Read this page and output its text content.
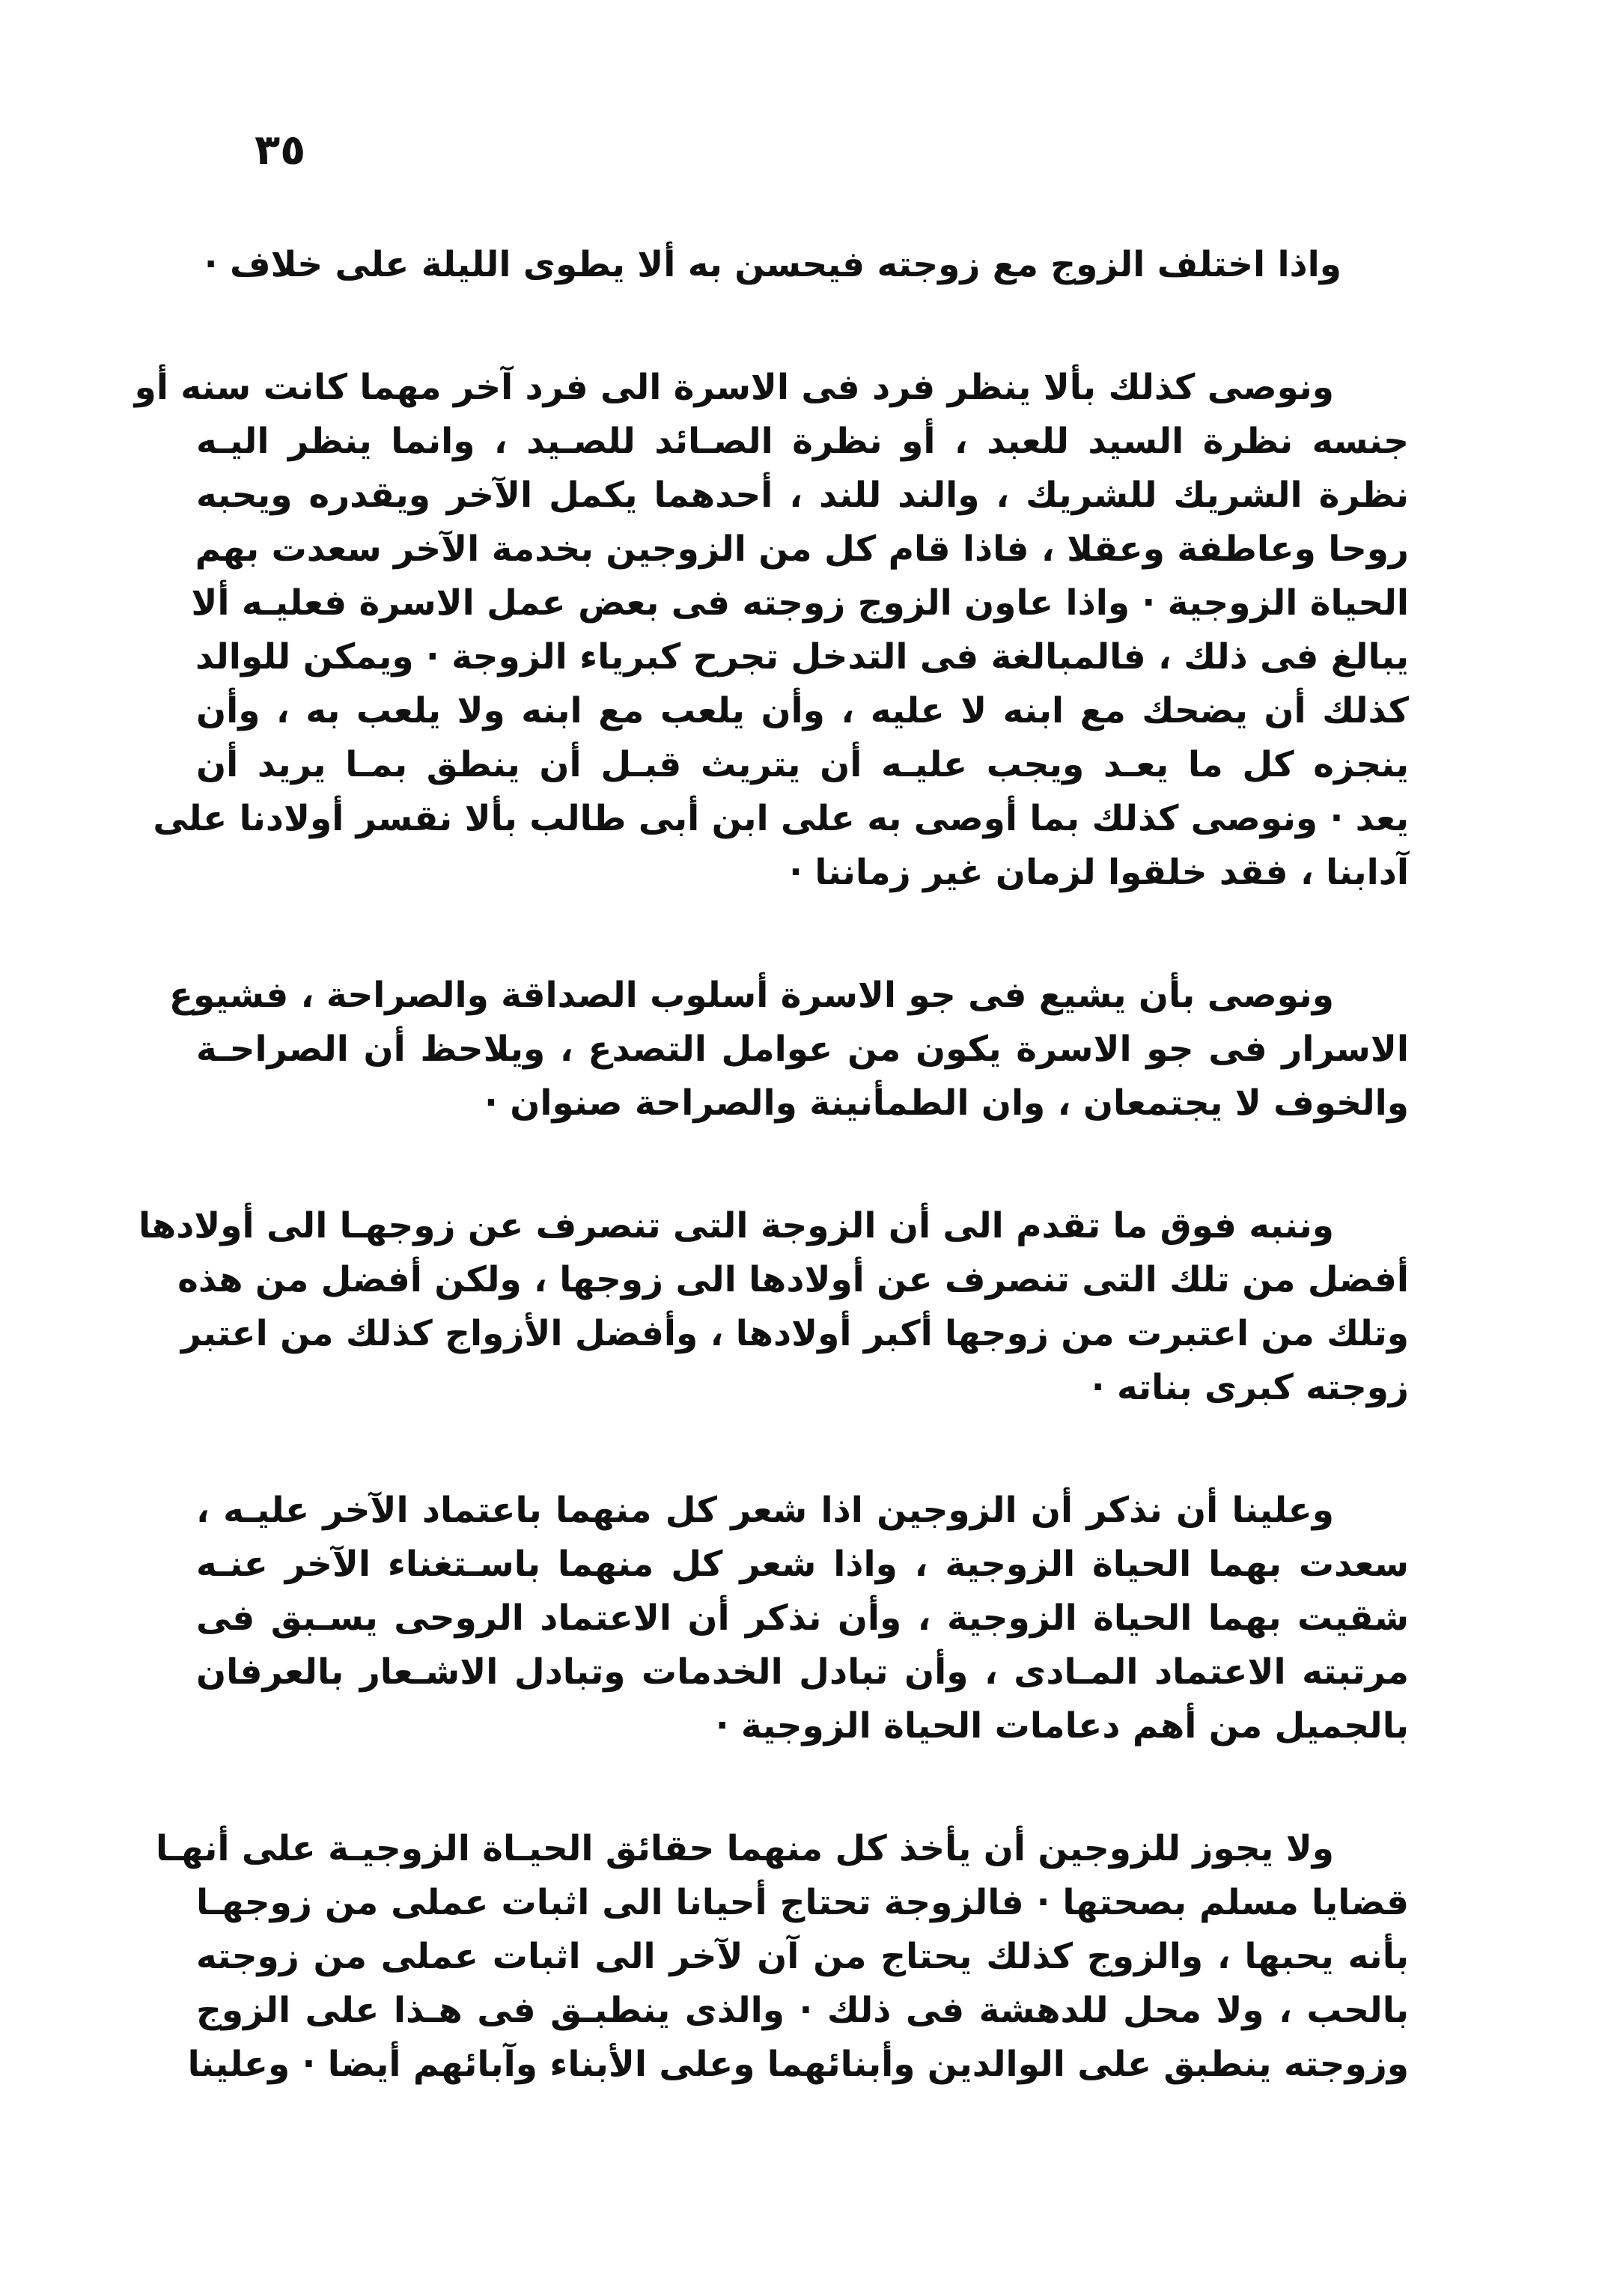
٣٥
واذا اختلف الزوج مع زوجته فيحسن به ألا يطوى الليلة على خلاف ·
ونوصى كذلك بألا ينظر فرد فى الاسرة الى فرد آخر مهما كانت سنه أو
جنسه نظرة السيد للعبد ، أو نظرة الصـائد للصـيد ، وانما ينظر اليـه
نظرة الشريك للشريك ، والند للند ، أحدهما يكمل الآخر ويقدره ويحبه
روحا وعاطفة وعقلا ، فاذا قام كل من الزوجين بخدمة الآخر سعدت بهم
الحياة الزوجية · واذا عاون الزوج زوجته فى بعض عمل الاسرة فعليـه ألا
يبالغ فى ذلك ، فالمبالغة فى التدخل تجرح كبرياء الزوجة · ويمكن للوالد
كذلك أن يضحك مع ابنه لا عليه ، وأن يلعب مع ابنه ولا يلعب به ، وأن
ينجزه كل ما يعـد ويجب عليـه أن يتريث قبـل أن ينطق بمـا يريد أن
يعد · ونوصى كذلك بما أوصى به على ابن أبى طالب بألا نقسر أولادنا على
آدابنا ، فقد خلقوا لزمان غير زماننا ·
ونوصى بأن يشيع فى جو الاسرة أسلوب الصداقة والصراحة ، فشيوع
الاسرار فى جو الاسرة يكون من عوامل التصدع ، ويلاحظ أن الصراحـة
والخوف لا يجتمعان ، وان الطمأنينة والصراحة صنوان ·
وننبه فوق ما تقدم الى أن الزوجة التى تنصرف عن زوجهـا الى أولادها
أفضل من تلك التى تنصرف عن أولادها الى زوجها ، ولكن أفضل من هذه
وتلك من اعتبرت من زوجها أكبر أولادها ، وأفضل الأزواج كذلك من اعتبر
زوجته كبرى بناته ·
وعلينا أن نذكر أن الزوجين اذا شعر كل منهما باعتماد الآخر عليـه ،
سعدت بهما الحياة الزوجية ، واذا شعر كل منهما باسـتغناء الآخر عنـه
شقيت بهما الحياة الزوجية ، وأن نذكر أن الاعتماد الروحى يسـبق فى
مرتبته الاعتماد المـادى ، وأن تبادل الخدمات وتبادل الاشـعار بالعرفان
بالجميل من أهم دعامات الحياة الزوجية ·
ولا يجوز للزوجين أن يأخذ كل منهما حقائق الحيـاة الزوجيـة على أنهـا
قضايا مسلم بصحتها · فالزوجة تحتاج أحيانا الى اثبات عملى من زوجهـا
بأنه يحبها ، والزوج كذلك يحتاج من آن لآخر الى اثبات عملى من زوجته
بالحب ، ولا محل للدهشة فى ذلك · والذى ينطبـق فى هـذا على الزوج
وزوجته ينطبق على الوالدين وأبنائهما وعلى الأبناء وآبائهم أيضا · وعلينا
